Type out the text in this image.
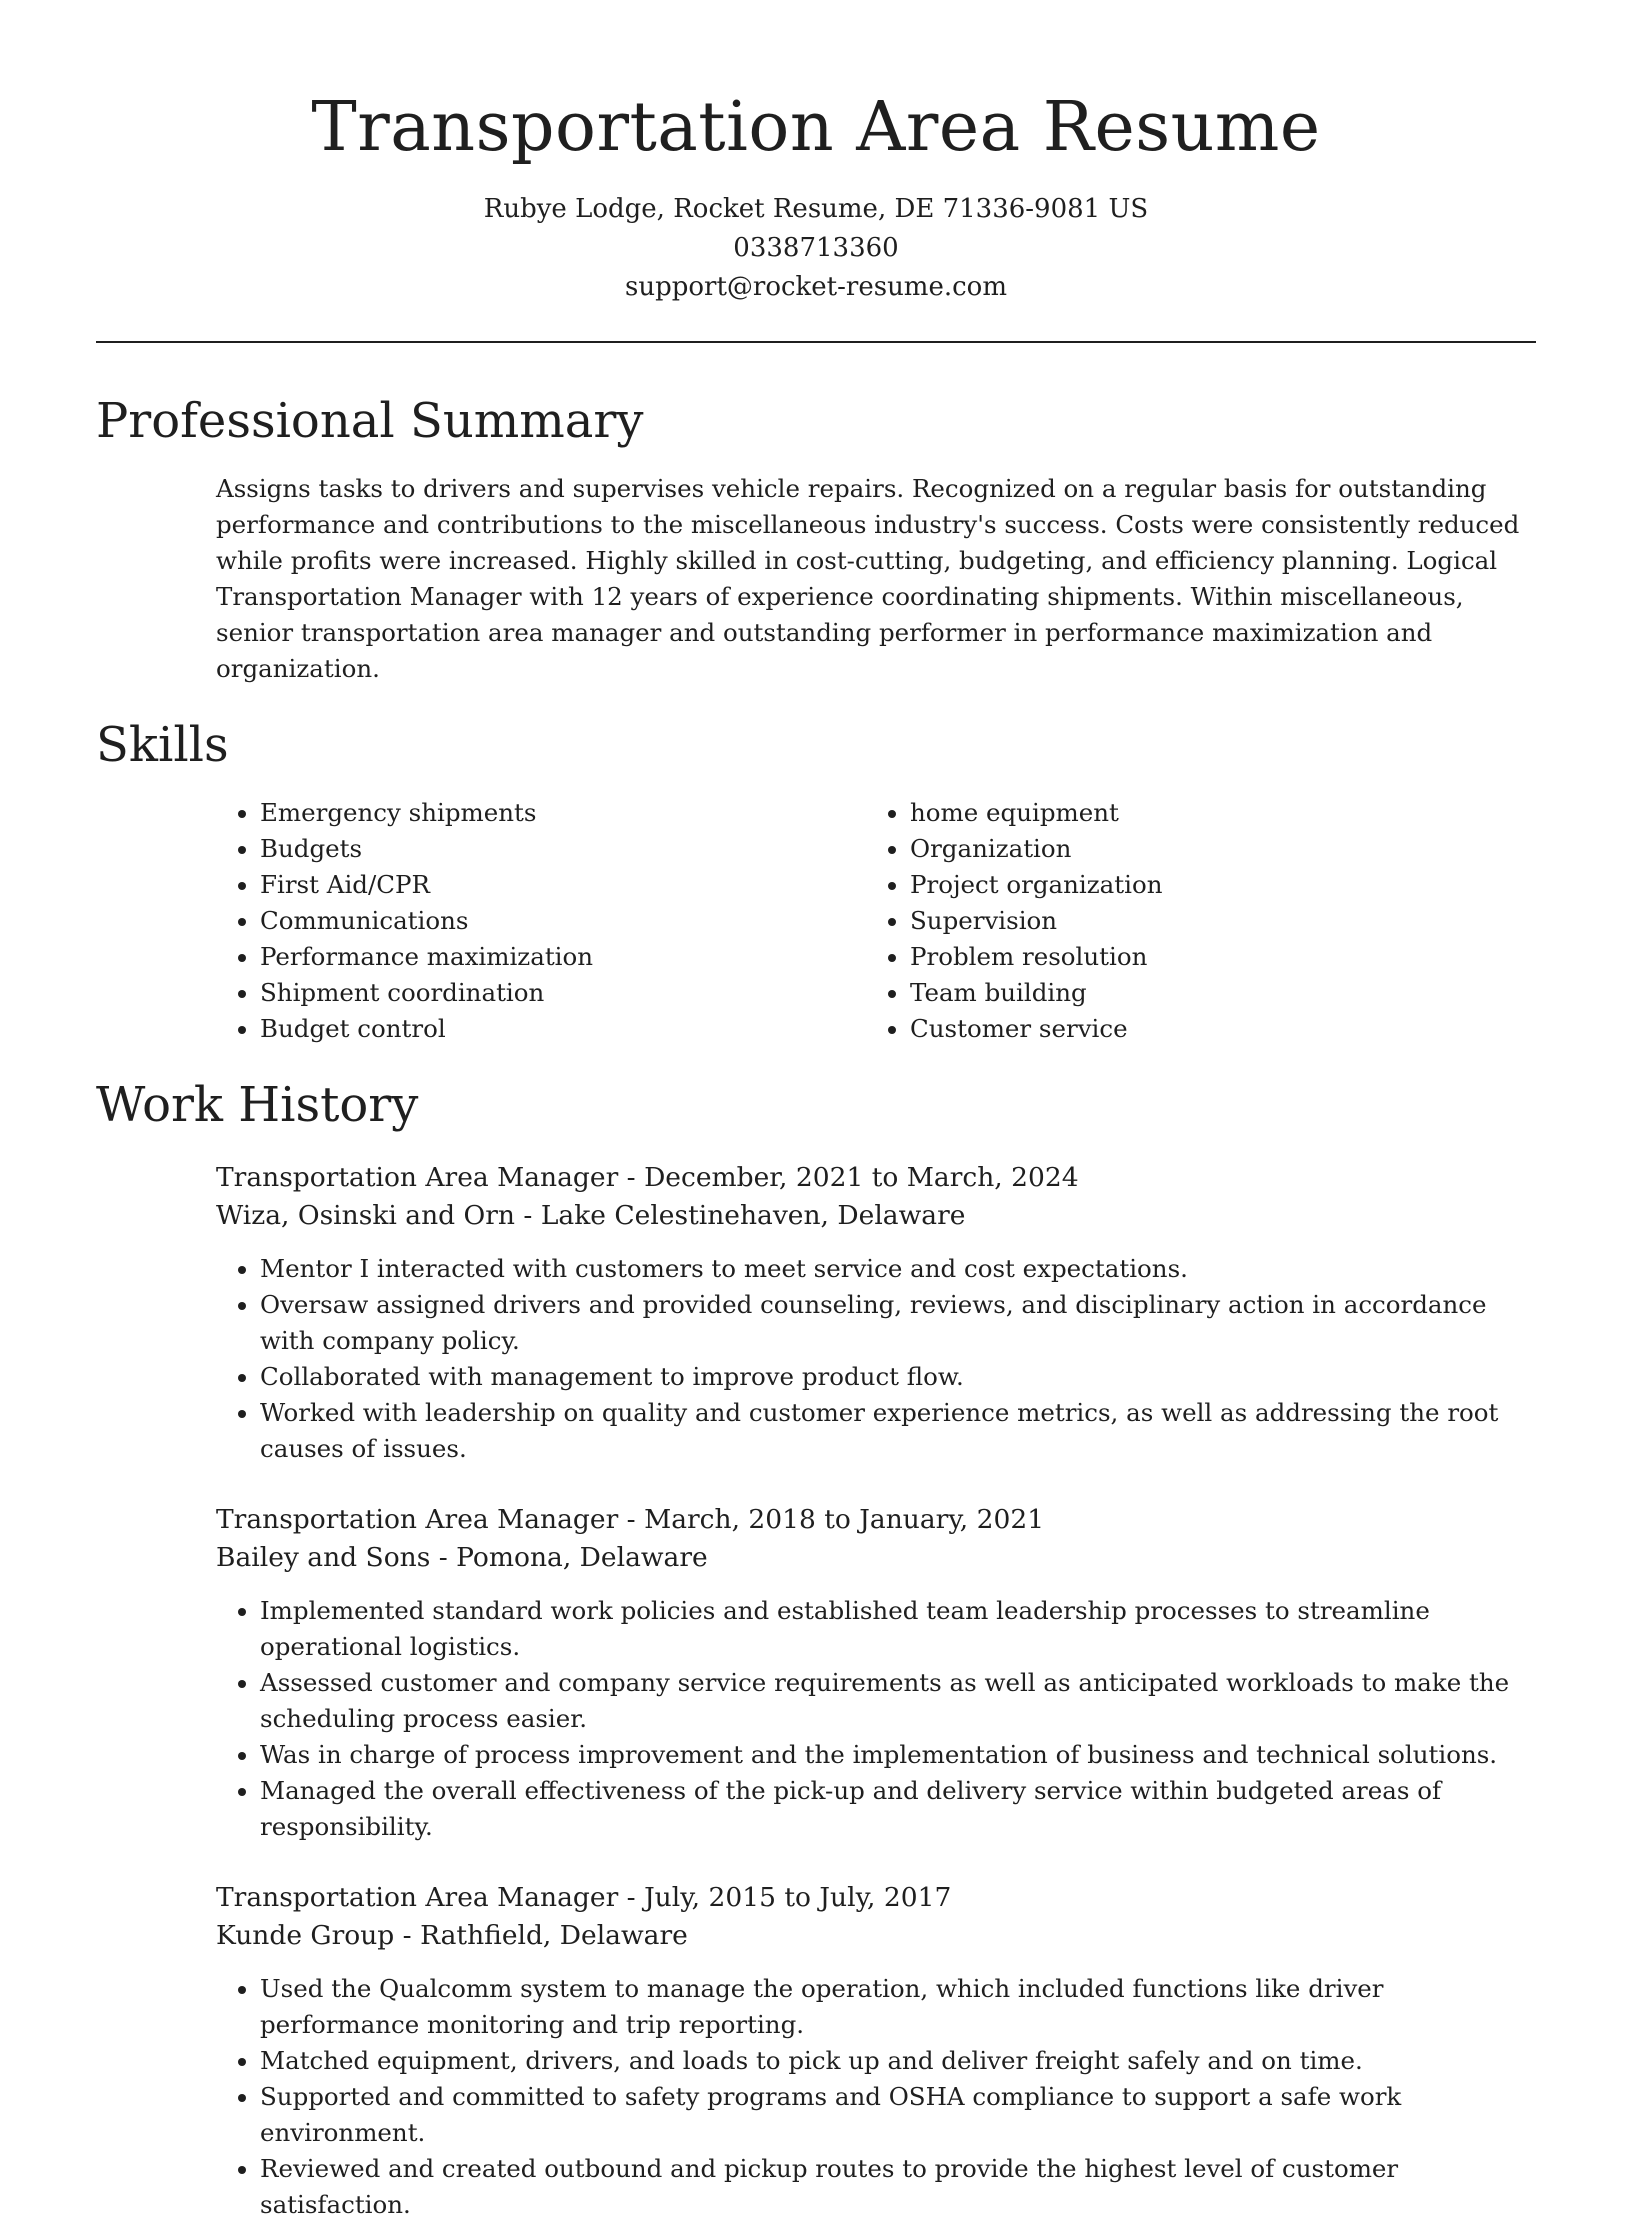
Transportation Area Resume
Rubye Lodge, Rocket Resume, DE 71336-9081 US
0338713360
support@rocket-resume.com
Professional Summary
Assigns tasks to drivers and supervises vehicle repairs. Recognized on a regular basis for outstanding performance and contributions to the miscellaneous industry's success. Costs were consistently reduced while profits were increased. Highly skilled in cost-cutting, budgeting, and efficiency planning. Logical Transportation Manager with 12 years of experience coordinating shipments. Within miscellaneous, senior transportation area manager and outstanding performer in performance maximization and organization.
Skills
• Emergency shipments
• Budgets
• First Aid/CPR
• Communications
• Performance maximization
• Shipment coordination
• Budget control
• home equipment
• Organization
• Project organization
• Supervision
• Problem resolution
• Team building
• Customer service
Work History
Transportation Area Manager - December, 2021 to March, 2024
Wiza, Osinski and Orn - Lake Celestinehaven, Delaware
• Mentor I interacted with customers to meet service and cost expectations.
• Oversaw assigned drivers and provided counseling, reviews, and disciplinary action in accordance with company policy.
• Collaborated with management to improve product flow.
• Worked with leadership on quality and customer experience metrics, as well as addressing the root causes of issues.
Transportation Area Manager - March, 2018 to January, 2021
Bailey and Sons - Pomona, Delaware
• Implemented standard work policies and established team leadership processes to streamline operational logistics.
• Assessed customer and company service requirements as well as anticipated workloads to make the scheduling process easier.
• Was in charge of process improvement and the implementation of business and technical solutions.
• Managed the overall effectiveness of the pick-up and delivery service within budgeted areas of responsibility.
Transportation Area Manager - July, 2015 to July, 2017
Kunde Group - Rathfield, Delaware
• Used the Qualcomm system to manage the operation, which included functions like driver performance monitoring and trip reporting.
• Matched equipment, drivers, and loads to pick up and deliver freight safely and on time.
• Supported and committed to safety programs and OSHA compliance to support a safe work environment.
• Reviewed and created outbound and pickup routes to provide the highest level of customer satisfaction.
